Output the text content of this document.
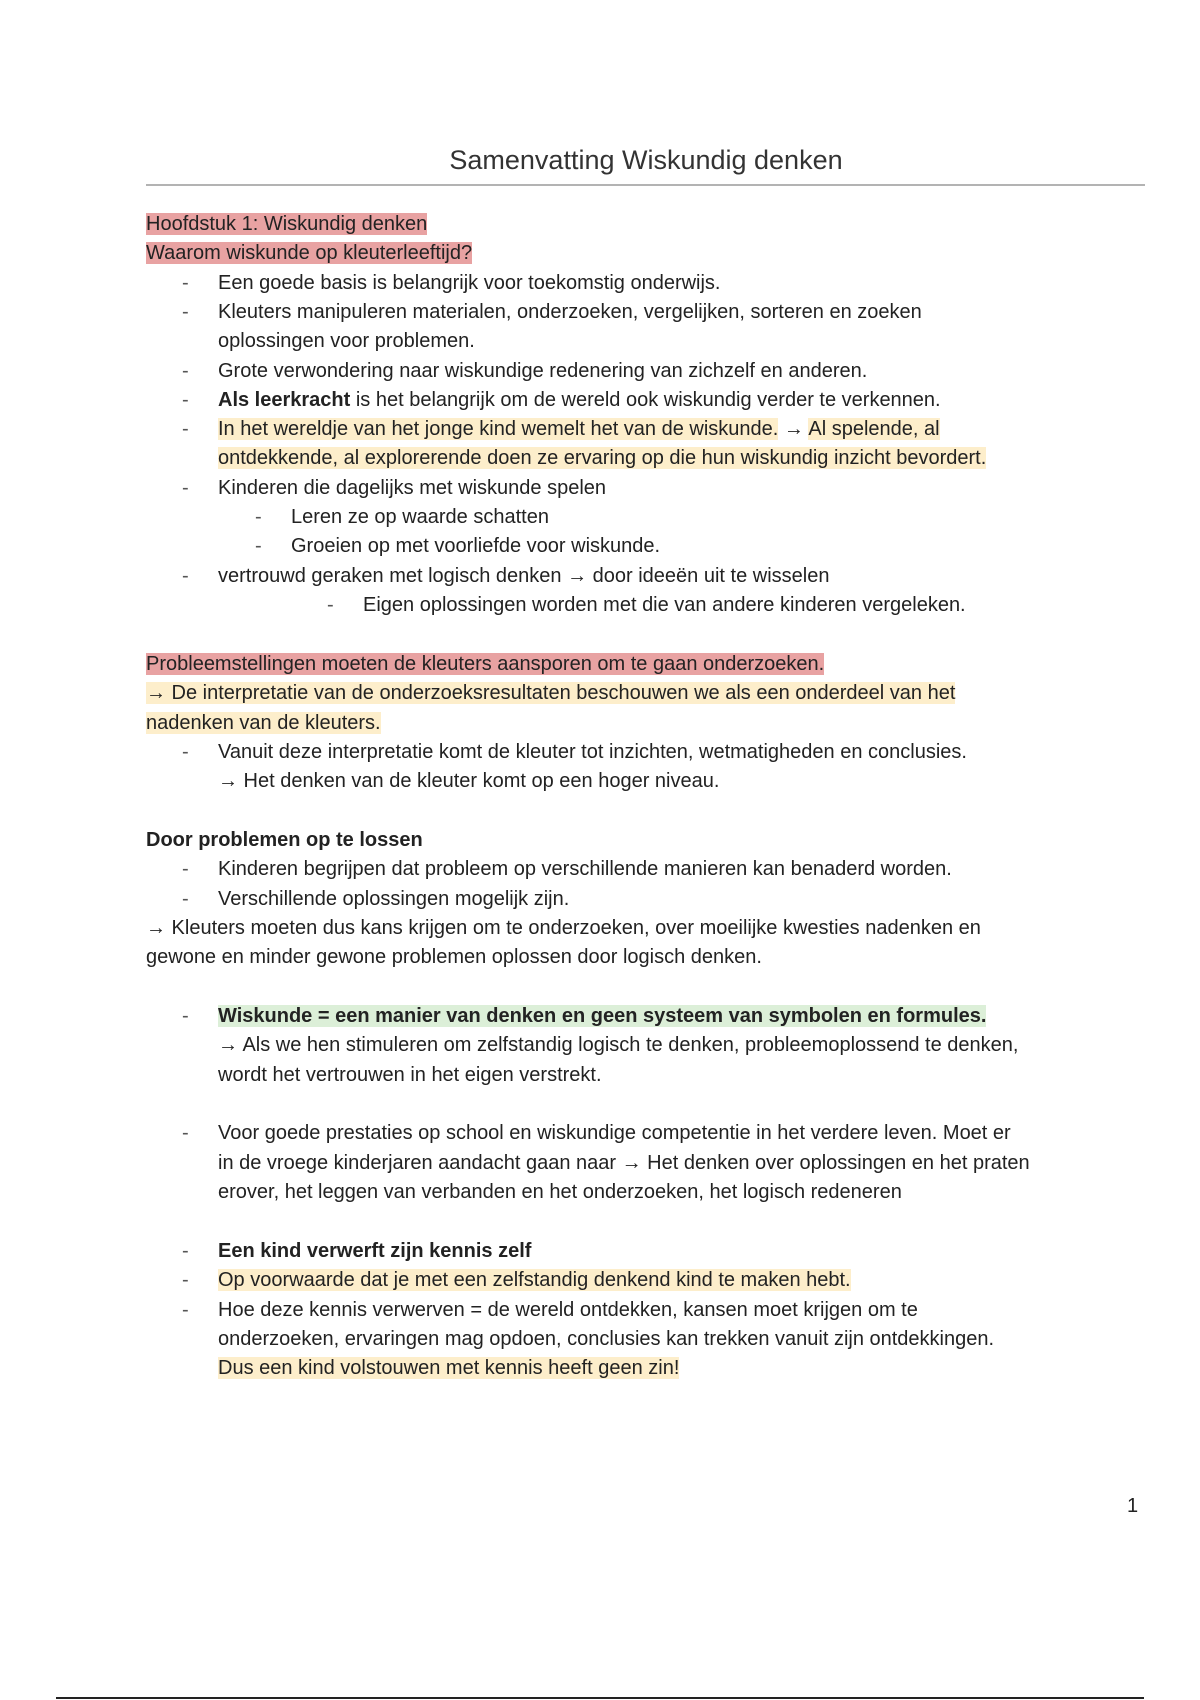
Samenvatting Wiskundig denken
Hoofdstuk 1: Wiskundig denken
Waarom wiskunde op kleuterleeftijd?
- Een goede basis is belangrijk voor toekomstig onderwijs.
- Kleuters manipuleren materialen, onderzoeken, vergelijken, sorteren en zoeken
oplossingen voor problemen.
- Grote verwondering naar wiskundige redenering van zichzelf en anderen.
- Als leerkracht is het belangrijk om de wereld ook wiskundig verder te verkennen.
- In het wereldje van het jonge kind wemelt het van de wiskunde. → Al spelende, al
ontdekkende, al explorerende doen ze ervaring op die hun wiskundig inzicht bevordert.
- Kinderen die dagelijks met wiskunde spelen
- Leren ze op waarde schatten
- Groeien op met voorliefde voor wiskunde.
- vertrouwd geraken met logisch denken → door ideeën uit te wisselen
- Eigen oplossingen worden met die van andere kinderen vergeleken.
Probleemstellingen moeten de kleuters aansporen om te gaan onderzoeken.
→ De interpretatie van de onderzoeksresultaten beschouwen we als een onderdeel van het
nadenken van de kleuters.
- Vanuit deze interpretatie komt de kleuter tot inzichten, wetmatigheden en conclusies.
→ Het denken van de kleuter komt op een hoger niveau.
Door problemen op te lossen
- Kinderen begrijpen dat probleem op verschillende manieren kan benaderd worden.
- Verschillende oplossingen mogelijk zijn.
→ Kleuters moeten dus kans krijgen om te onderzoeken, over moeilijke kwesties nadenken en
gewone en minder gewone problemen oplossen door logisch denken.
- Wiskunde = een manier van denken en geen systeem van symbolen en formules.
→ Als we hen stimuleren om zelfstandig logisch te denken, probleemoplossend te denken,
wordt het vertrouwen in het eigen verstrekt.
- Voor goede prestaties op school en wiskundige competentie in het verdere leven. Moet er
in de vroege kinderjaren aandacht gaan naar → Het denken over oplossingen en het praten
erover, het leggen van verbanden en het onderzoeken, het logisch redeneren
- Een kind verwerft zijn kennis zelf
- Op voorwaarde dat je met een zelfstandig denkend kind te maken hebt.
- Hoe deze kennis verwerven = de wereld ontdekken, kansen moet krijgen om te
onderzoeken, ervaringen mag opdoen, conclusies kan trekken vanuit zijn ontdekkingen.
Dus een kind volstouwen met kennis heeft geen zin!
1
